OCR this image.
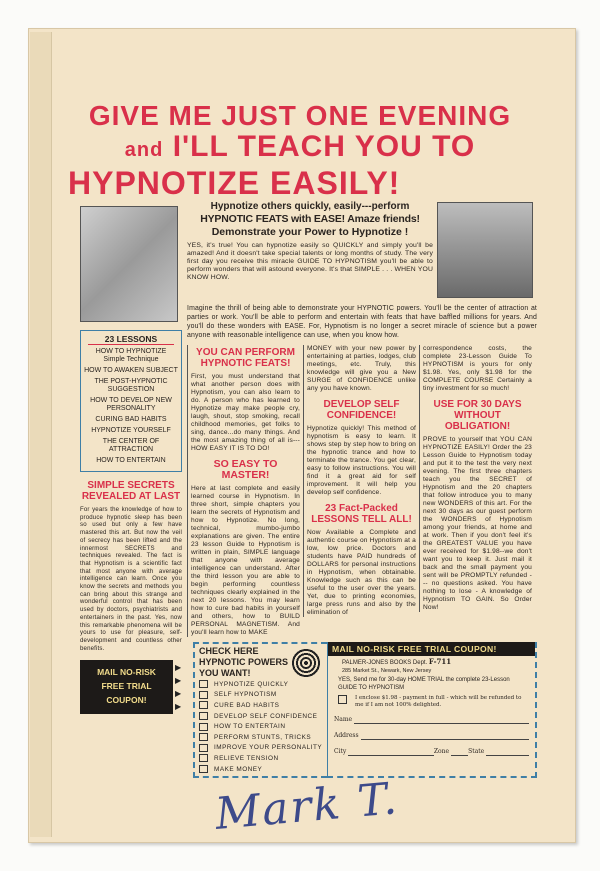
GIVE ME JUST ONE EVENING
and I'LL TEACH YOU TO
HYPNOTIZE EASILY!
23 LESSONS
HOW TO HYPNOTIZE
Simple Technique
HOW TO AWAKEN SUBJECT
THE POST-HYPNOTIC SUGGESTION
HOW TO DEVELOP NEW PERSONALITY
CURING BAD HABITS
HYPNOTIZE YOURSELF
THE CENTER OF ATTRACTION
HOW TO ENTERTAIN
SIMPLE SECRETS REVEALED AT LAST
For years the knowledge of how to produce hypnotic sleep has been so used but only a few have mastered this art. But now the veil of secrecy has been lifted and the innermost SECRETS and techniques revealed. The fact is that Hypnotism is a scientific fact that most anyone with average intelligence can learn. Once you know the secrets and methods you can bring about this strange and wonderful control that has been used by doctors, psychiatrists and entertainers in the past. Yes, now this remarkable phenomena will be yours to use for pleasure, self-development and countless other benefits.
MAIL NO-RISK FREE TRIAL COUPON!
▶
▶
▶
▶
Hypnotize others quickly, easily---perform
HYPNOTIC FEATS with EASE! Amaze friends!
Demonstrate your Power to Hypnotize !
YES, it's true! You can hypnotize easily so QUICKLY and simply you'll be amazed! And it doesn't take special talents or long months of study. The very first day you receive this miracle GUIDE TO HYPNOTISM you'll be able to perform wonders that will astound everyone. It's that SIMPLE . . . WHEN YOU KNOW HOW.
Imagine the thrill of being able to demonstrate your HYPNOTIC powers. You'll be the center of attraction at parties or work. You'll be able to perform and entertain with feats that have baffled millions for years. And you'll do these wonders with EASE. For, Hypnotism is no longer a secret miracle of science but a power anyone with reasonable intelligence can use, when you know how.
YOU CAN PERFORM HYPNOTIC FEATS!
First, you must understand that what another person does with Hypnotism, you can also learn to do. A person who has learned to Hypnotize may make people cry, laugh, shout, stop smoking, recall childhood memories, get folks to sing, dance...do many things. And the most amazing thing of all is---HOW EASY IT IS TO DO!
SO EASY TO MASTER!
Here at last complete and easily learned course in Hypnotism. In three short, simple chapters you learn the secrets of Hypnotism and how to Hypnotize. No long, technical, mumbo-jumbo explanations are given. The entire 23 lesson Guide to Hypnotism is written in plain, SIMPLE language that anyone with average intelligence can understand. After the third lesson you are able to begin performing countless techniques clearly explained in the next 20 lessons. You may learn how to cure bad habits in yourself and others, how to BUILD PERSONAL MAGNETISM. And you'll learn how to MAKE
MONEY with your new power by entertaining at parties, lodges, club meetings, etc. Truly, this knowledge will give you a New SURGE of CONFIDENCE unlike any you have known.
DEVELOP SELF CONFIDENCE!
Hypnotize quickly! This method of hypnotism is easy to learn. It shows step by step how to bring on the hypnotic trance and how to terminate the trance. You get clear, easy to follow instructions. You will find it a great aid for self improvement. It will help you develop self confidence.
23 Fact-Packed LESSONS TELL ALL!
Now Available a Complete and authentic course on Hypnotism at a low, low price. Doctors and students have PAID hundreds of DOLLARS for personal instructions in Hypnotism, when obtainable. Knowledge such as this can be useful to the user over the years. Yet, due to printing economies, large press runs and also by the elimination of
correspondence costs, the complete 23-Lesson Guide To HYPNOTISM is yours for only $1.98. Yes, only $1.98 for the COMPLETE COURSE Certainly a tiny investment for so much!
USE FOR 30 DAYS WITHOUT OBLIGATION!
PROVE to yourself that YOU CAN HYPNOTIZE EASILY! Order the 23 Lesson Guide to Hypnotism today and put it to the test the very next evening. The first three chapters teach you the SECRET of Hypnotism and the 20 chapters that follow introduce you to many new WONDERS of this art. For the next 30 days as our guest perform the WONDERS of Hypnotism among your friends, at home and at work. Then if you don't feel it's the GREATEST VALUE you have ever received for $1.98--we don't want you to keep it. Just mail it back and the small payment you sent will be PROMPTLY refunded --- no questions asked. You have nothing to lose - A knowledge of Hypnotism TO GAIN. So Order Now!
CHECK HERE HYPNOTIC POWERS YOU WANT!
HYPNOTIZE QUICKLY
SELF HYPNOTISM
CURE BAD HABITS
DEVELOP SELF CONFIDENCE
HOW TO ENTERTAIN
PERFORM STUNTS, TRICKS
IMPROVE YOUR PERSONALITY
RELIEVE TENSION
MAKE MONEY
MAIL NO-RISK FREE TRIAL COUPON!
PALMER-JONES BOOKS Dept. F-711
285 Market St., Newark, New Jersey
YES, Send me for 30-day HOME TRIAL the complete 23-Lesson GUIDE TO HYPNOTISM
I enclose $1.98 - payment in full - which will be refunded to me if I am not 100% delighted.
Name
Address
City	Zone	State
Mark T.
